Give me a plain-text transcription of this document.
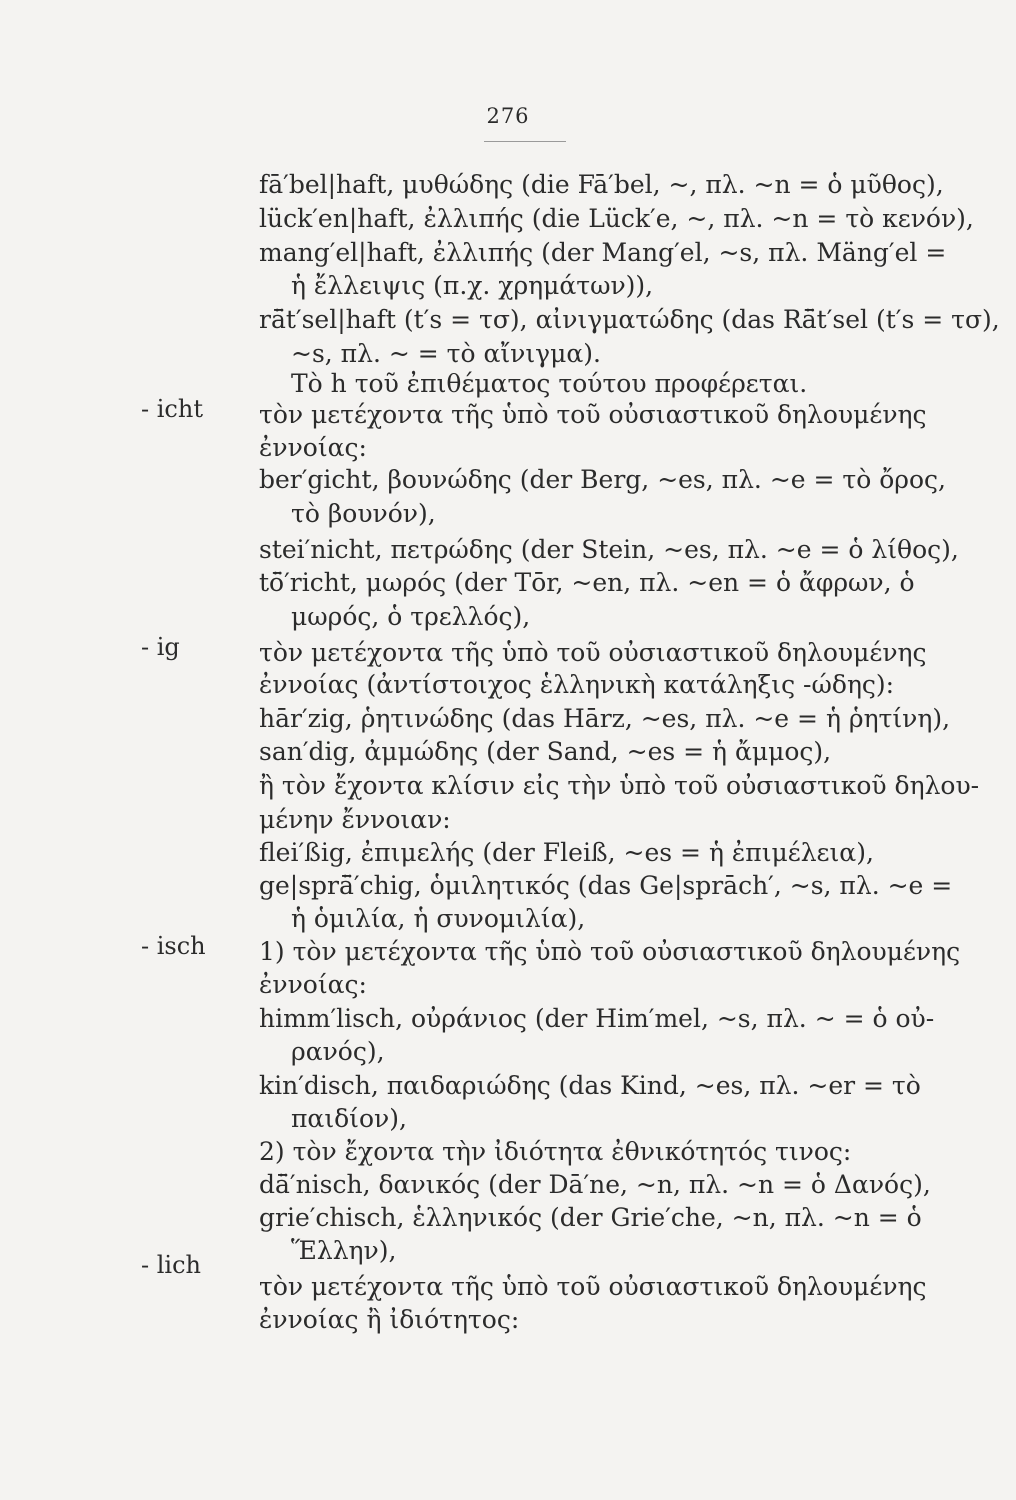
276
- icht
- ig
- isch
- lich
fā′bel|haft, μυθώδης (die Fā′bel, ~, πλ. ~n = ὁ μῦθος),
lück′en|haft, ἐλλιπής (die Lück′e, ~, πλ. ~n = τὸ κενόν),
mang′el|haft, ἐλλιπής (der Mang′el, ~s, πλ. Mäng′el =
ἡ ἔλλειψις (π.χ. χρημάτων)),
rā̈t′sel|haft (t′s = τσ), αἰνιγματώδης (das Rā̈t′sel (t′s = τσ),
~s, πλ. ~ = τὸ αἴνιγμα).
Τὸ h τοῦ ἐπιθέματος τούτου προφέρεται.
τὸν μετέχοντα τῆς ὑπὸ τοῦ οὐσιαστικοῦ δηλουμένης
ἐννοίας:
ber′gicht, βουνώδης (der Berg, ~es, πλ. ~e = τὸ ὄρος,
τὸ βουνόν),
stei′nicht, πετρώδης (der Stein, ~es, πλ. ~e = ὁ λίθος),
tō̈′richt, μωρός (der Tōr, ~en, πλ. ~en = ὁ ἄφρων, ὁ
μωρός, ὁ τρελλός),
τὸν μετέχοντα τῆς ὑπὸ τοῦ οὐσιαστικοῦ δηλουμένης
ἐννοίας (ἀντίστοιχος ἑλληνικὴ κατάληξις -ώδης):
hār′zig, ῥητινώδης (das Hārz, ~es, πλ. ~e = ἡ ῥητίνη),
san′dig, ἀμμώδης (der Sand, ~es = ἡ ἄμμος),
ἢ τὸν ἔχοντα κλίσιν εἰς τὴν ὑπὸ τοῦ οὐσιαστικοῦ δηλου-
μένην ἔννοιαν:
flei′ßig, ἐπιμελής (der Fleiß, ~es = ἡ ἐπιμέλεια),
ge|sprā̈′chig, ὁμιλητικός (das Ge|sprāch′, ~s, πλ. ~e =
ἡ ὁμιλία, ἡ συνομιλία),
1) τὸν μετέχοντα τῆς ὑπὸ τοῦ οὐσιαστικοῦ δηλουμένης
ἐννοίας:
himm′lisch, οὐράνιος (der Him′mel, ~s, πλ. ~ = ὁ οὐ-
ρανός),
kin′disch, παιδαριώδης (das Kind, ~es, πλ. ~er = τὸ
παιδίον),
2) τὸν ἔχοντα τὴν ἰδιότητα ἐθνικότητός τινος:
dā̈′nisch, δανικός (der Dā′ne, ~n, πλ. ~n = ὁ Δανός),
grie′chisch, ἑλληνικός (der Grie′che, ~n, πλ. ~n = ὁ
Ἕλλην),
τὸν μετέχοντα τῆς ὑπὸ τοῦ οὐσιαστικοῦ δηλουμένης
ἐννοίας ἢ ἰδιότητος:
